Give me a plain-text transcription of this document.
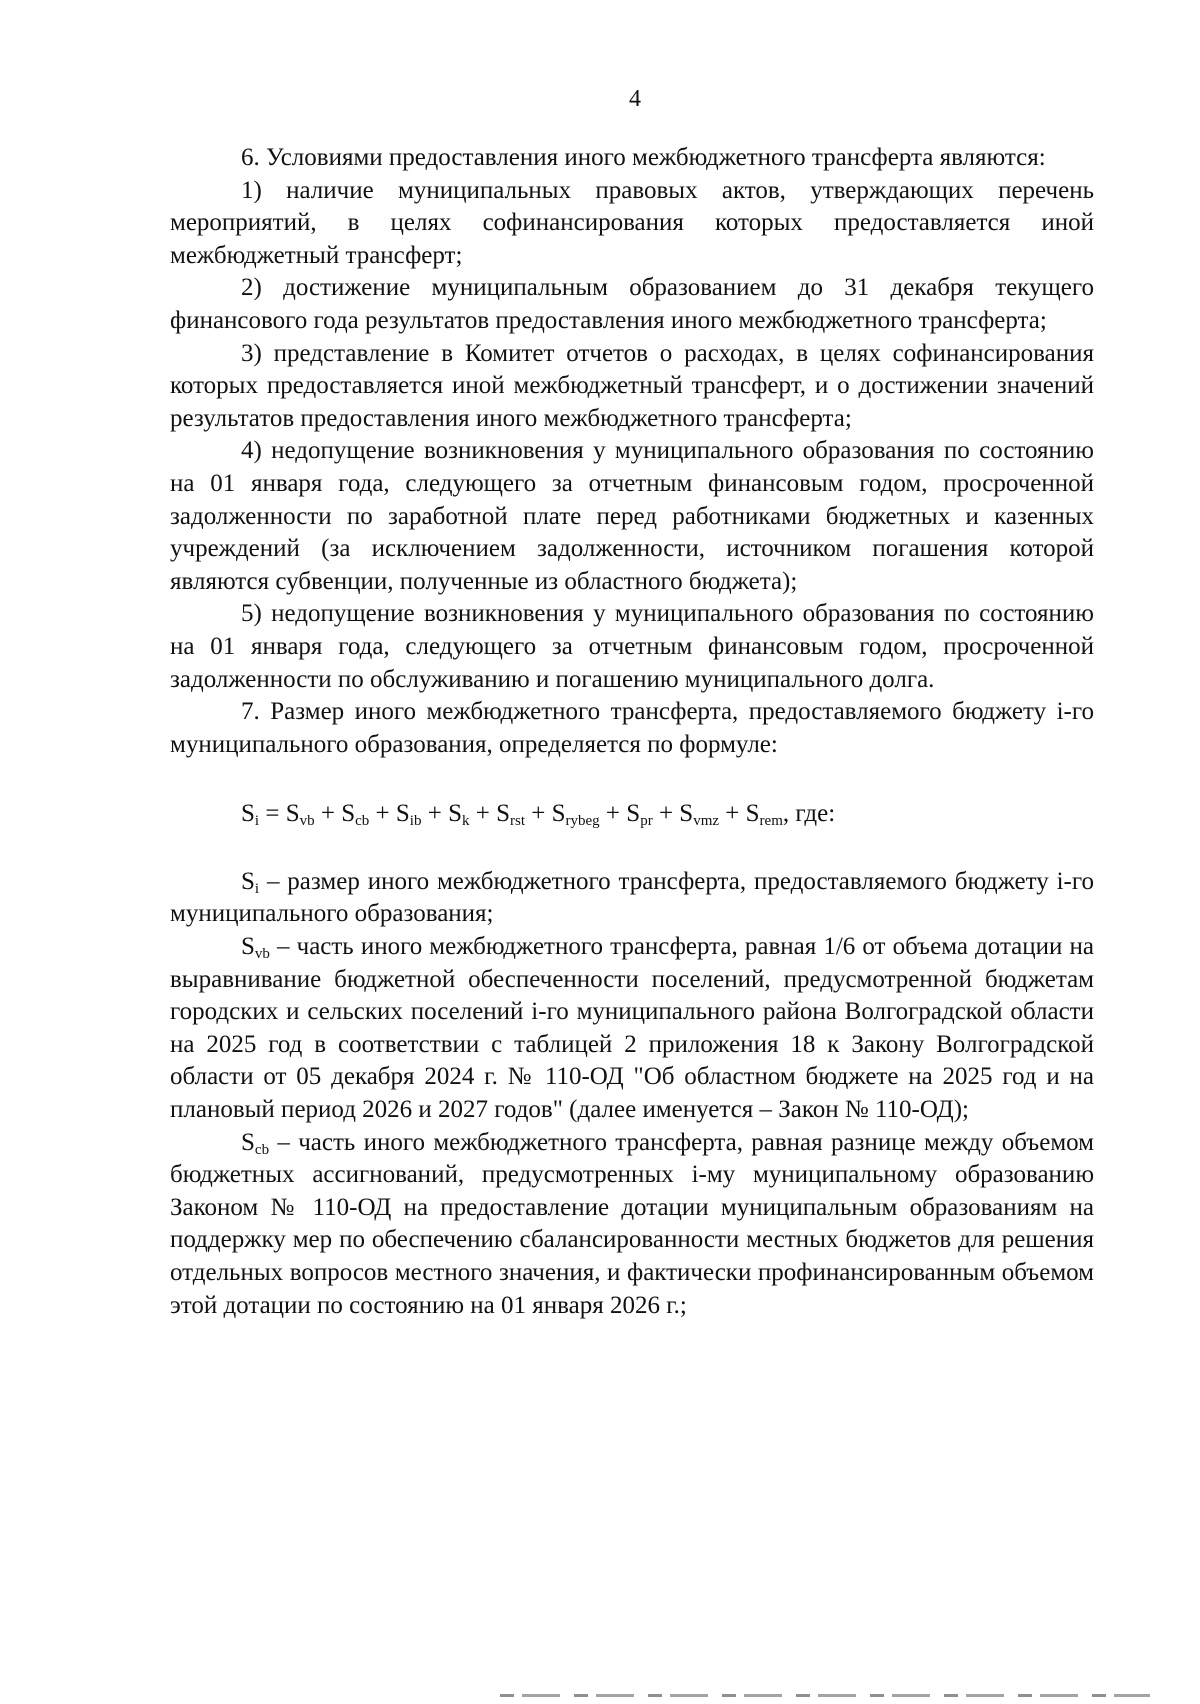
4

6. Условиями предоставления иного межбюджетного трансферта являются:

1) наличие муниципальных правовых актов, утверждающих перечень мероприятий, в целях софинансирования которых предоставляется иной межбюджетный трансферт;

2) достижение муниципальным образованием до 31 декабря текущего финансового года результатов предоставления иного межбюджетного трансферта;

3) представление в Комитет отчетов о расходах, в целях софинансирования которых предоставляется иной межбюджетный трансферт, и о достижении значений результатов предоставления иного межбюджетного трансферта;

4) недопущение возникновения у муниципального образования по состоянию на 01 января года, следующего за отчетным финансовым годом, просроченной задолженности по заработной плате перед работниками бюджетных и казенных учреждений (за исключением задолженности, источником погашения которой являются субвенции, полученные из областного бюджета);

5) недопущение возникновения у муниципального образования по состоянию на 01 января года, следующего за отчетным финансовым годом, просроченной задолженности по обслуживанию и погашению муниципального долга.

7. Размер иного межбюджетного трансферта, предоставляемого бюджету i-го муниципального образования, определяется по формуле:

$S_i = S_{vb} + S_{cb} + S_{ib} + S_k + S_{rst} + S_{rybeg} + S_{pr} + S_{vmz} + S_{rem}$, где:

$S_i$ – размер иного межбюджетного трансферта, предоставляемого бюджету i-го муниципального образования;

$S_{vb}$ – часть иного межбюджетного трансферта, равная 1/6 от объема дотации на выравнивание бюджетной обеспеченности поселений, предусмотренной бюджетам городских и сельских поселений i-го муниципального района Волгоградской области на 2025 год в соответствии с таблицей 2 приложения 18 к Закону Волгоградской области от 05 декабря 2024 г. № 110-ОД "Об областном бюджете на 2025 год и на плановый период 2026 и 2027 годов" (далее именуется – Закон № 110-ОД);

$S_{cb}$ – часть иного межбюджетного трансферта, равная разнице между объемом бюджетных ассигнований, предусмотренных i-му муниципальному образованию Законом № 110-ОД на предоставление дотации муниципальным образованиям на поддержку мер по обеспечению сбалансированности местных бюджетов для решения отдельных вопросов местного значения, и фактически профинансированным объемом этой дотации по состоянию на 01 января 2026 г.;
